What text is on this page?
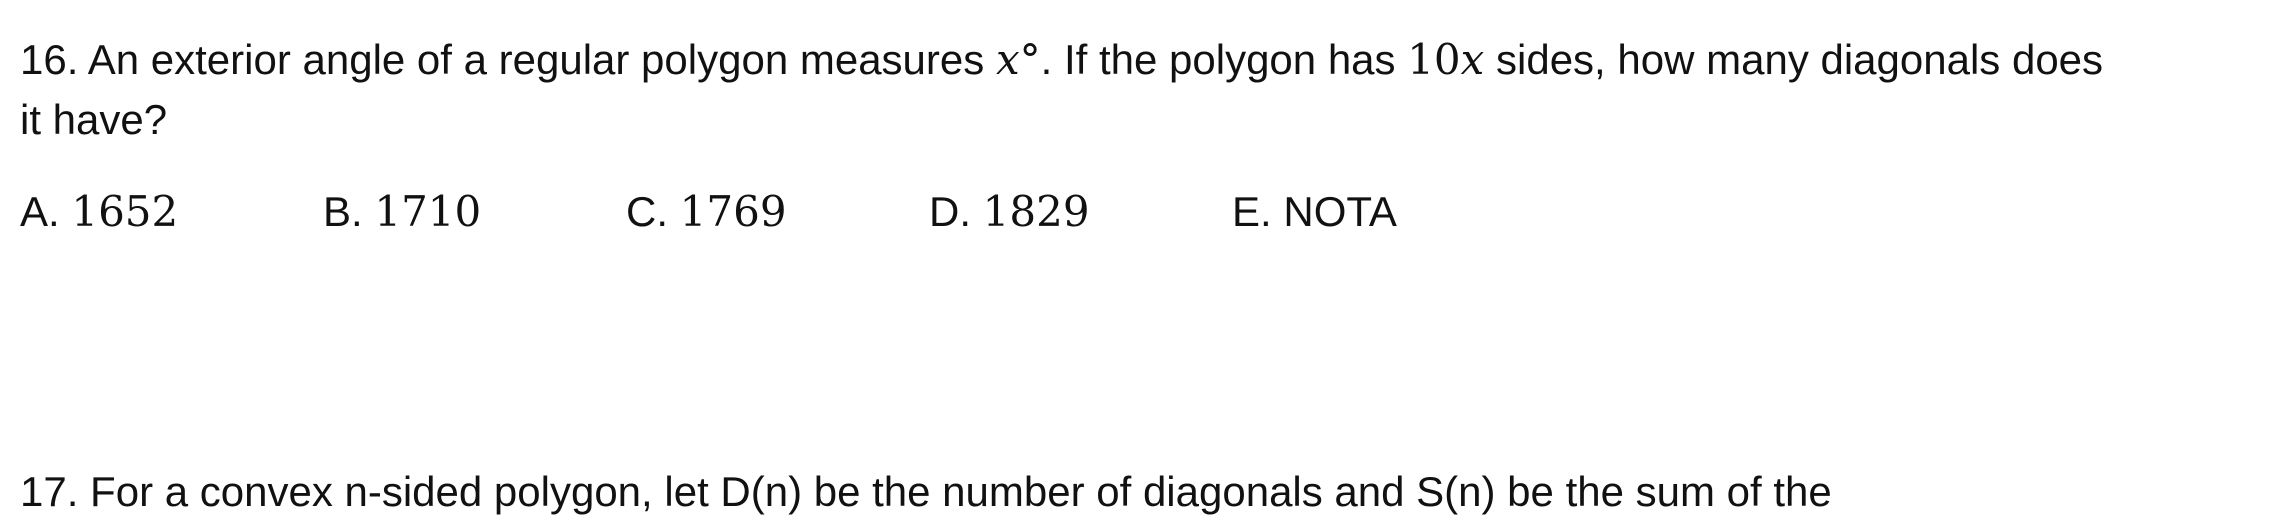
16. An exterior angle of a regular polygon measures x°. If the polygon has 10x sides, how many diagonals does it have?

A. 1652	B. 1710	C. 1769	D. 1829	E. NOTA
17. For a convex n-sided polygon, let D(n) be the number of diagonals and S(n) be the sum of the
